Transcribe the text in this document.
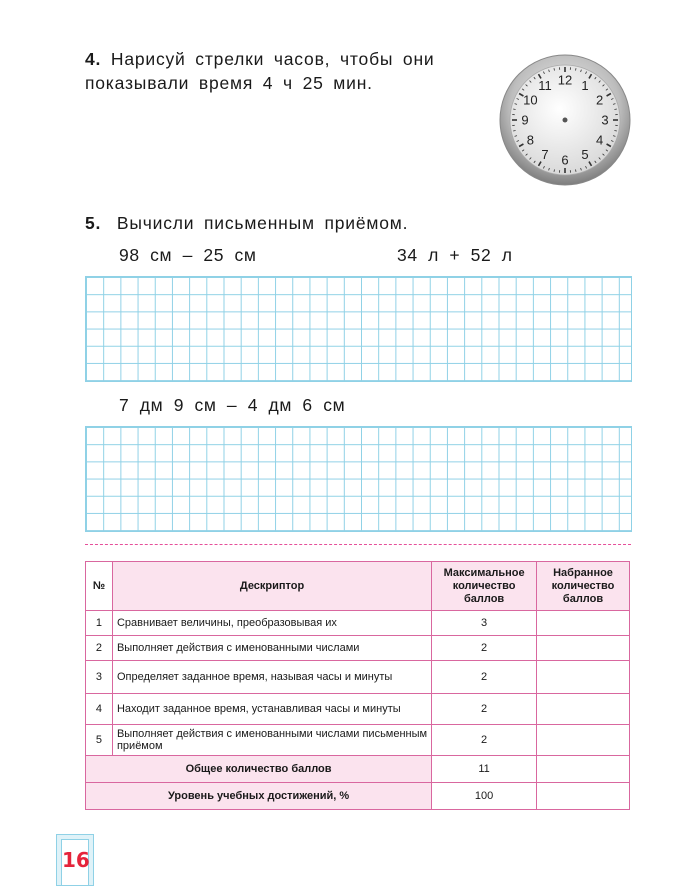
4. Нарисуй стрелки часов, чтобы они
показывали время 4 ч 25 мин.	12 1
2
3
4
5
6
7
8
9
10
11
5. Вычисли письменным приёмом.
98 см – 25 см	34 л + 52 л
7 дм 9 см – 4 дм 6 см
№	Дескриптор	Максимальное количество баллов	Набранное количество баллов
1	Сравнивает величины, преобразовывая их	3	
2	Выполняет действия с именованными числами	2	
3	Определяет заданное время, называя часы и минуты	2	
4	Находит заданное время, устанавливая часы и минуты	2	
5	Выполняет действия с именованными числами письменным приёмом	2	
Общее количество баллов		11	
Уровень учебных достижений, %		100	
16
